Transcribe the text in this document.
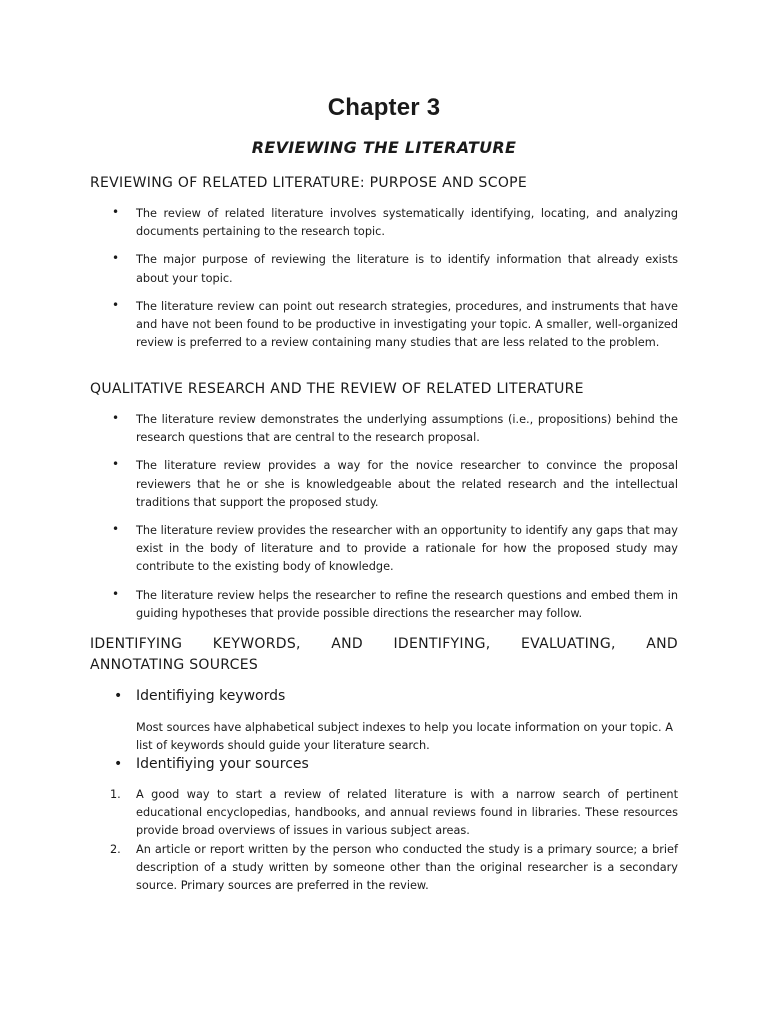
Chapter 3
REVIEWING THE LITERATURE
REVIEWING OF RELATED LITERATURE: PURPOSE AND SCOPE
• The review of related literature involves systematically identifying, locating, and analyzing documents pertaining to the research topic.
• The major purpose of reviewing the literature is to identify information that already exists about your topic.
• The literature review can point out research strategies, procedures, and instruments that have and have not been found to be productive in investigating your topic. A smaller, well-organized review is preferred to a review containing many studies that are less related to the problem.
QUALITATIVE RESEARCH AND THE REVIEW OF RELATED LITERATURE
• The literature review demonstrates the underlying assumptions (i.e., propositions) behind the research questions that are central to the research proposal.
• The literature review provides a way for the novice researcher to convince the proposal reviewers that he or she is knowledgeable about the related research and the intellectual traditions that support the proposed study.
• The literature review provides the researcher with an opportunity to identify any gaps that may exist in the body of literature and to provide a rationale for how the proposed study may contribute to the existing body of knowledge.
• The literature review helps the researcher to refine the research questions and embed them in guiding hypotheses that provide possible directions the researcher may follow.
IDENTIFYING KEYWORDS, AND IDENTIFYING, EVALUATING, AND
ANNOTATING SOURCES
• Identifiying keywords
Most sources have alphabetical subject indexes to help you locate information on your topic. A list of keywords should guide your literature search.
• Identifiying your sources
1. A good way to start a review of related literature is with a narrow search of pertinent educational encyclopedias, handbooks, and annual reviews found in libraries. These resources provide broad overviews of issues in various subject areas.
2. An article or report written by the person who conducted the study is a primary source; a brief description of a study written by someone other than the original researcher is a secondary source. Primary sources are preferred in the review.
